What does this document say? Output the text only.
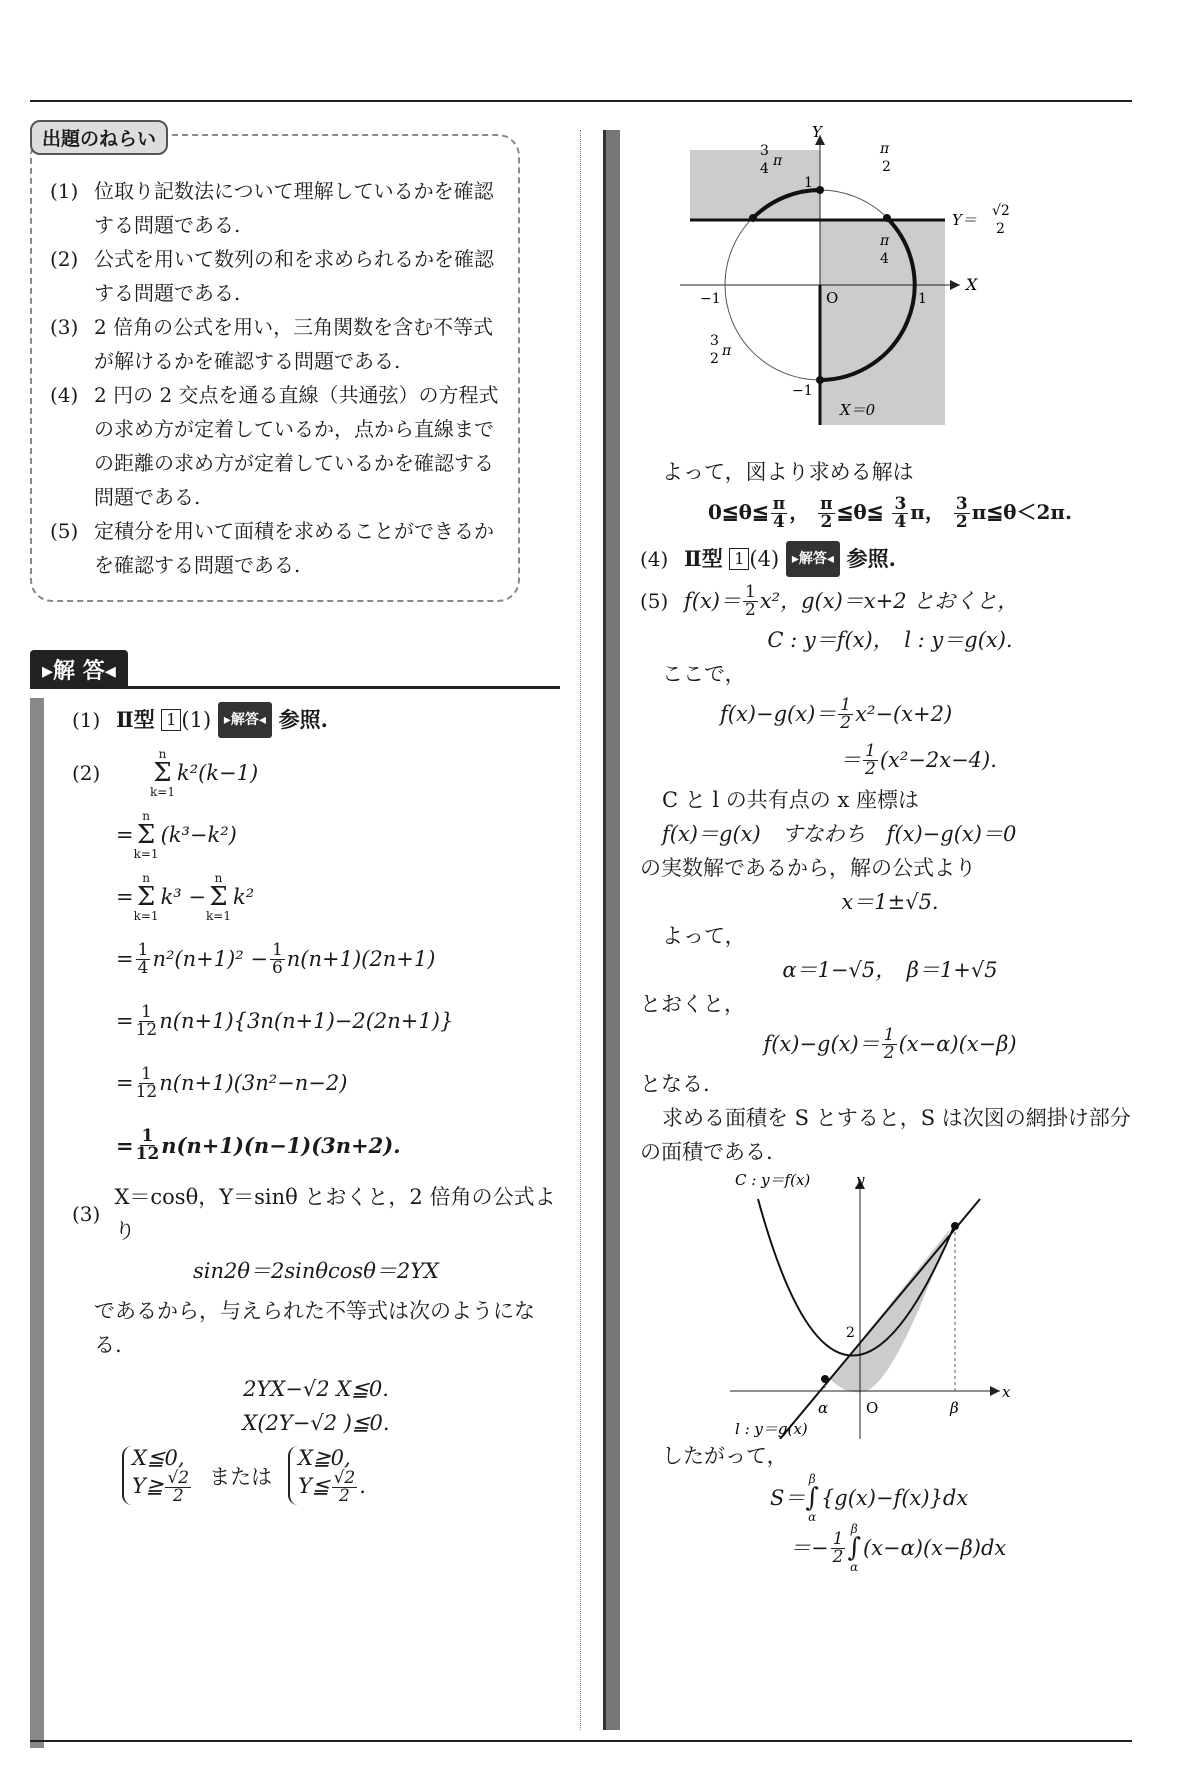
出題のねらい
(1) 位取り記数法について理解しているかを確認する問題である.
(2) 公式を用いて数列の和を求められるかを確認する問題である.
(3) 2 倍角の公式を用い，三角関数を含む不等式が解けるかを確認する問題である.
(4) 2 円の 2 交点を通る直線（共通弦）の方程式の求め方が定着しているか，点から直線までの距離の求め方が定着しているかを確認する問題である.
(5) 定積分を用いて面積を求めることができるかを確認する問題である.
▸解 答◂
(1) Ⅱ型
1 (1)
▸解答◂
参照.
(2)
n
Σ
k=1
k²(k−1)
=
n
Σ
k=1
(k³−k²)
=
n
Σ
k=1
k³ −
n
Σ
k=1
k²
= $\frac{1}{4} n^2(n+1)^2 - \frac{1}{6} n(n+1)(2n+1)$
= $\frac{1}{12} n(n+1)\{3n(n+1)-2(2n+1)\}$
= $\frac{1}{12} n(n+1)(3n^2-n-2)$
= $\frac{1}{12} n(n+1)(n-1)(3n+2)$.
(3)
X＝cosθ，Y＝sinθ とおくと，2 倍角の公式より
sin2θ＝2sinθcosθ＝2YX
であるから，与えられた不等式は次のようになる.
2YX−√2 X≦0.
X(2Y−√2 )≦0.
X≦0,
Y≧ $\frac{√2}{2}$ または
X≧0,
Y≦ $\frac{√2}{2}$ .
Y
X
O
1
1
−1
−1
π
2
3
4 π
π
4
3
2 π
Y＝ √2
2
X＝0
よって，図より求める解は
0≦θ≦ $\frac{\pi}{4}$ ， $\frac{\pi}{2}$ ≦θ≦ $\frac{3}{4}$ π， $\frac{3}{2}$ π≦θ＜2π.
(4) Ⅱ型
1 (4)
▸解答◂
参照.
(5) $f(x)= \frac{1}{2} x^2$，g(x)＝x+2 とおくと，
C : y＝f(x)，　l : y＝g(x).
ここで，
$f(x)-g(x)= \frac{1}{2} x^2-(x+2)$
＝ $\frac{1}{2} (x^2-2x-4)$.
C と l の共有点の x 座標は
f(x)＝g(x)　すなわち　f(x)−g(x)＝0
の実数解であるから，解の公式より
x＝1±√5.
よって，
α＝1−√5，　β＝1+√5
とおくと，
$f(x)-g(x)= \frac{1}{2} (x-\alpha)(x-\beta)$
となる.
求める面積を S とすると，S は次図の網掛け部分の面積である.
C : y＝f(x)	y
x
2
α	O	β
l : y＝g(x)
したがって，
S＝
β
∫
α
{g(x)−f(x)}dx
＝− $\frac{1}{2}$
β
∫
α
(x−α)(x−β)dx
